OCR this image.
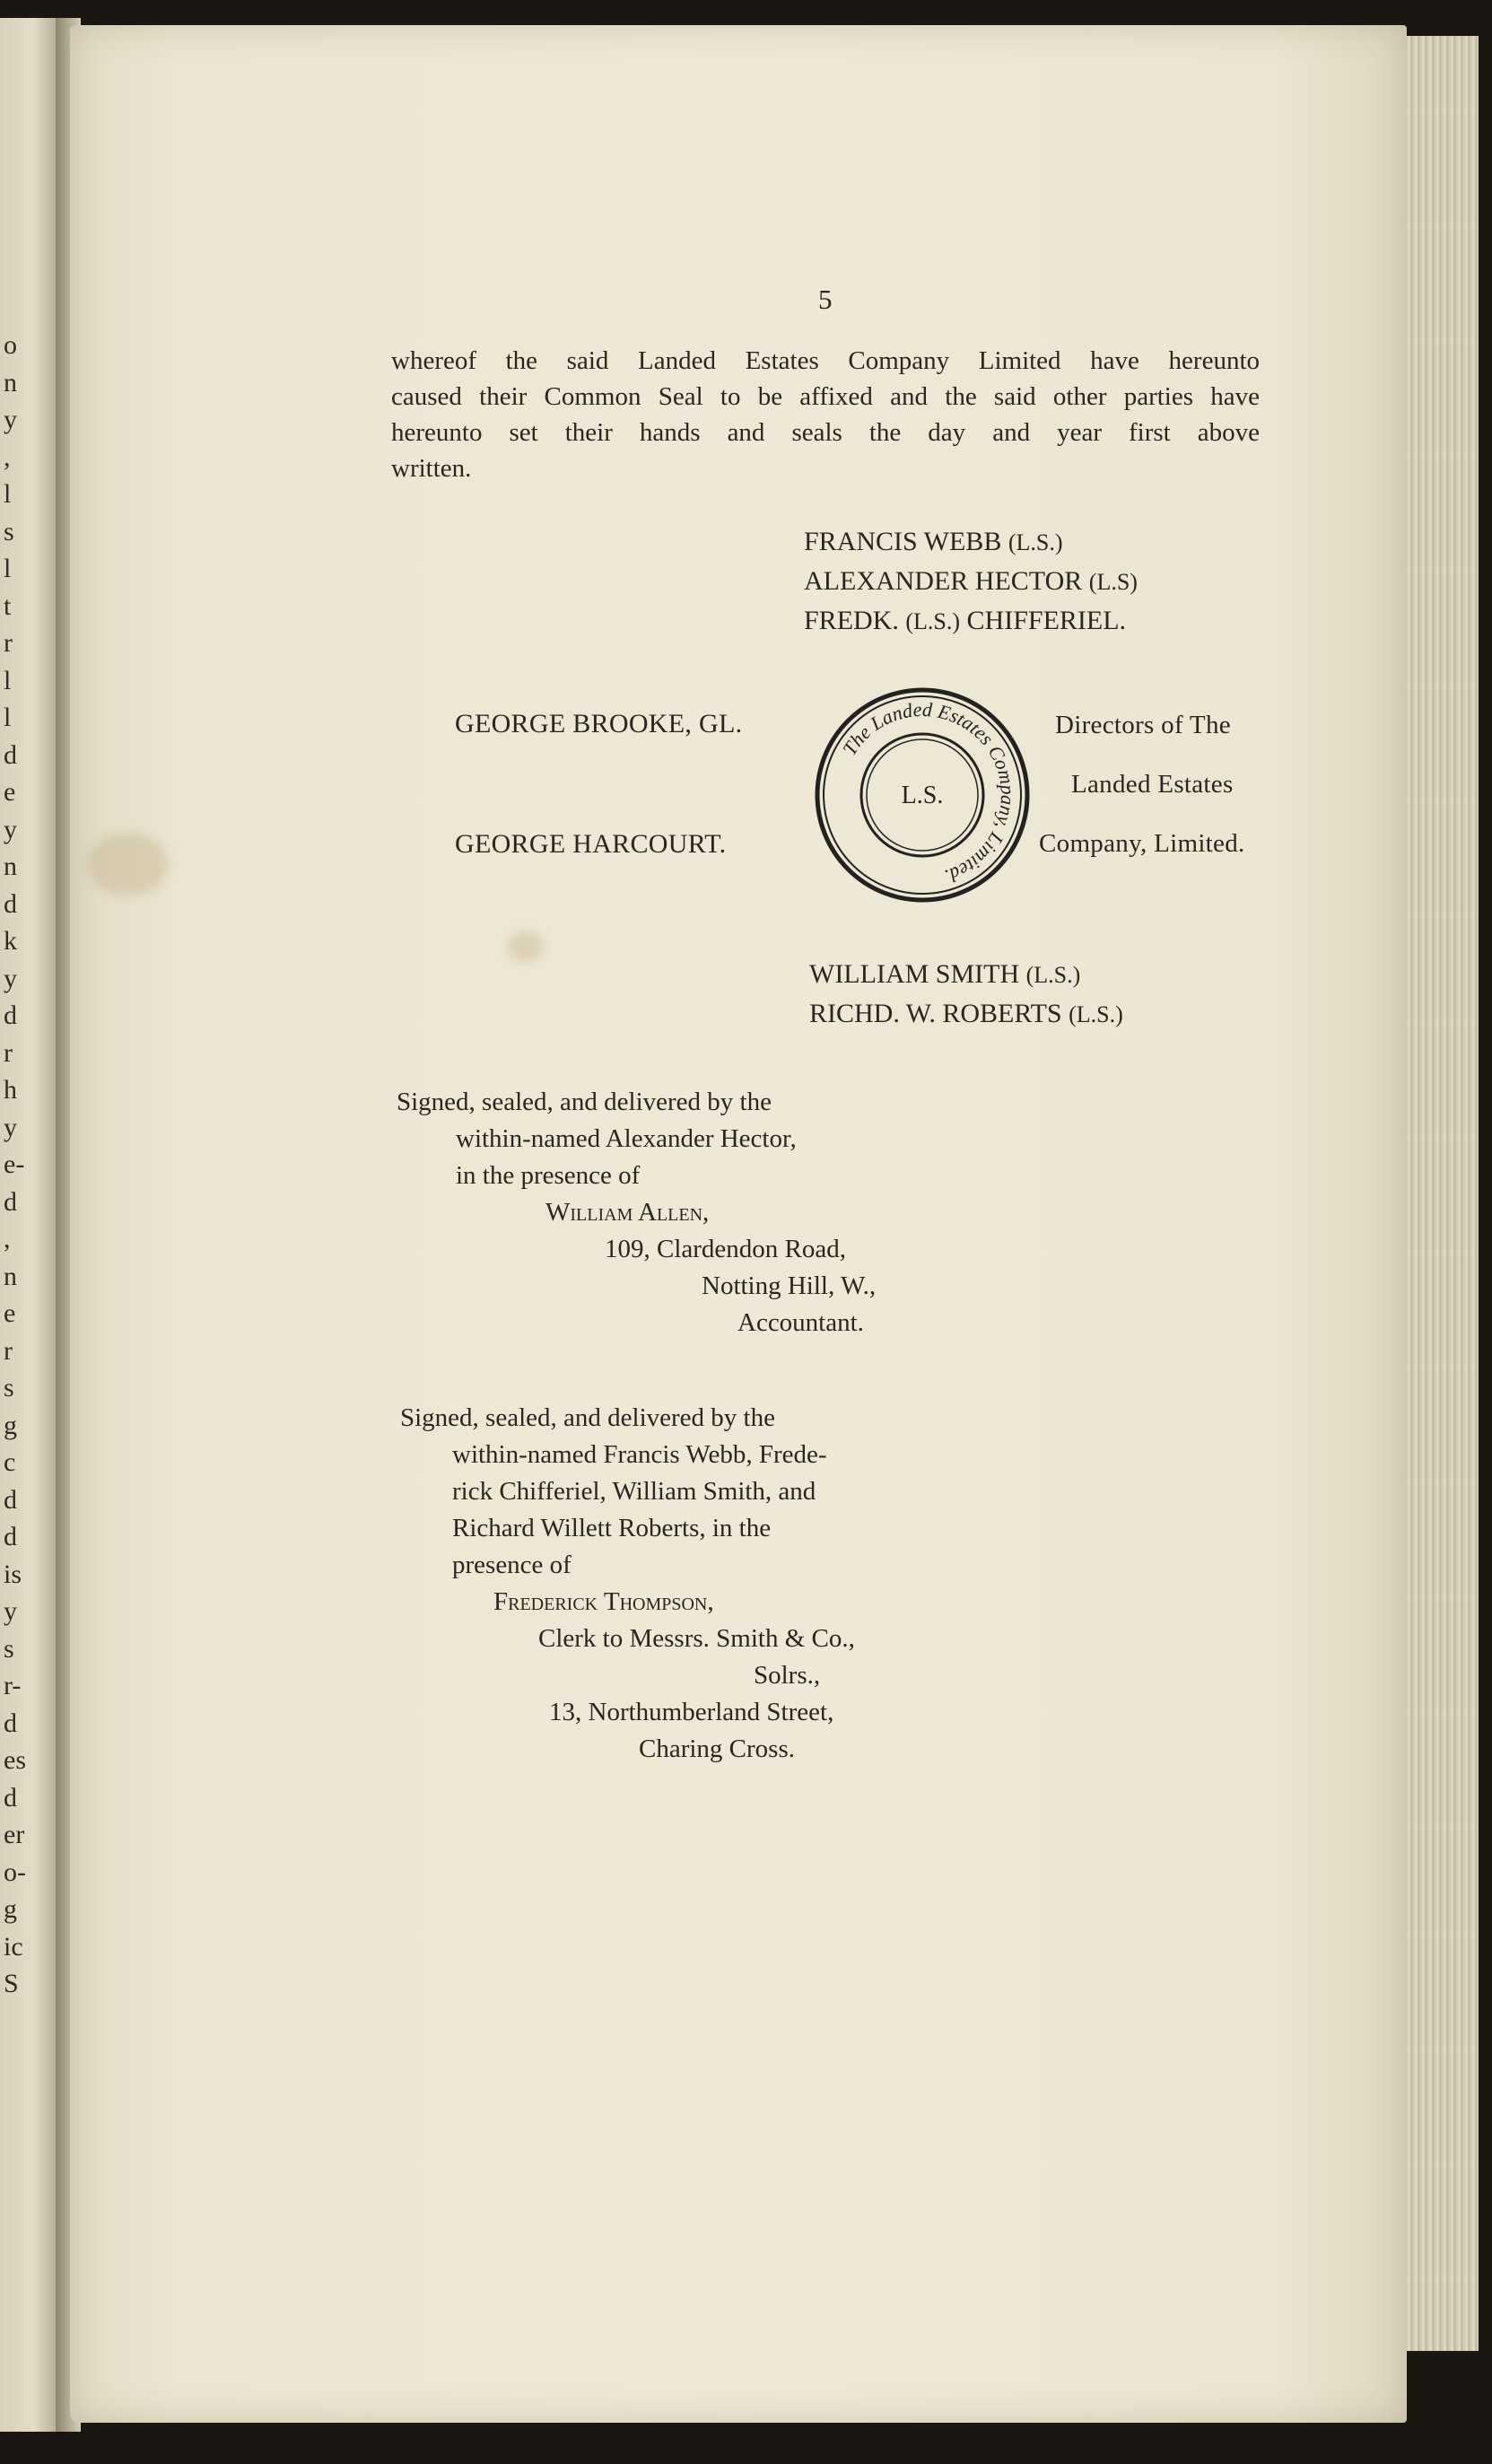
o
n
y
,
l
s
l
t
r
l
l
d
e
y
n
d
k
y
d
r
h
y
e-
d
,
n
e
r
s
g
c
d
d
is
y
s
r-
d
es
d
er
o-
g
ic
S
5
whereof the said Landed Estates Company Limited have hereunto
caused their Common Seal to be affixed and the said other parties have
hereunto set their hands and seals the day and year first above
written.
FRANCIS WEBB (L.S.)
ALEXANDER HECTOR (L.S)
FREDK. (L.S.) CHIFFERIEL.
GEORGE BROOKE, GL.
GEORGE HARCOURT.
Directors of The
Landed Estates
Company, Limited.
The Landed Estates Company, Limited.
L.S.
WILLIAM SMITH (L.S.)
RICHD. W. ROBERTS (L.S.)
Signed, sealed, and delivered by the
within-named Alexander Hector,
in the presence of
William Allen,
109, Clardendon Road,
Notting Hill, W.,
Accountant.
Signed, sealed, and delivered by the
within-named Francis Webb, Frede-
rick Chifferiel, William Smith, and
Richard Willett Roberts, in the
presence of
Frederick Thompson,
Clerk to Messrs. Smith & Co.,
Solrs.,
13, Northumberland Street,
Charing Cross.
